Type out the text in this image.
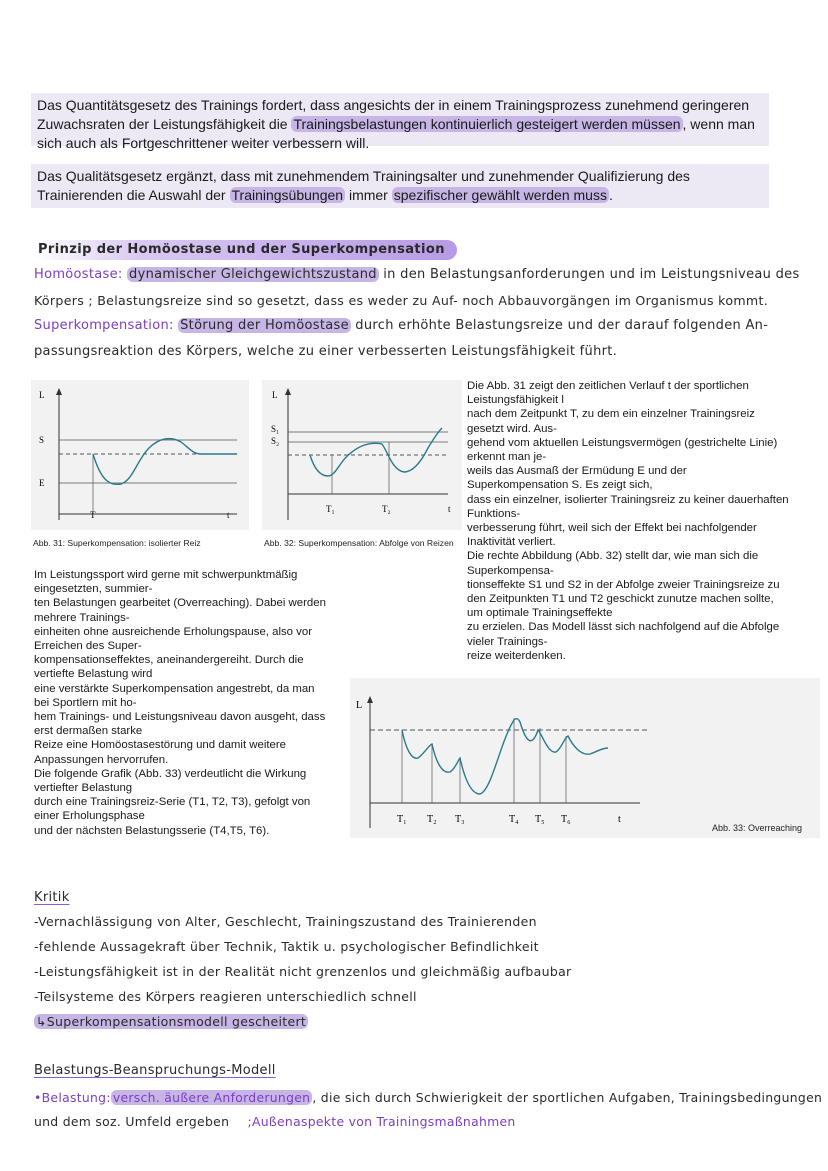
Das Quantitätsgesetz des Trainings fordert, dass angesichts der in einem Trainingsprozess zunehmend geringeren Zuwachsraten der Leistungsfähigkeit die Trainingsbelastungen kontinuierlich gesteigert werden müssen , wenn man sich auch als Fortgeschrittener weiter verbessern will.
Das Qualitätsgesetz ergänzt, dass mit zunehmendem Trainingsalter und zunehmender Qualifizierung des Trainierenden die Auswahl der Trainingsübungen immer spezifischer gewählt werden muss .
Prinzip der Homöostase und der Superkompensation
Homöostase: dynamischer Gleichgewichtszustand in den Belastungsanforderungen und im Leistungsniveau des
Körpers ; Belastungsreize sind so gesetzt, dass es weder zu Auf- noch Abbauvorgängen im Organismus kommt.
Superkompensation: Störung der Homöostase durch erhöhte Belastungsreize und der darauf folgenden An-
passungsreaktion des Körpers, welche zu einer verbesserten Leistungsfähigkeit führt.
L
S
E
T	t
Abb. 31: Superkompensation: isolierter Reiz
L
S₁
S₂
T₁	T₂	t
Abb. 32: Superkompensation: Abfolge von Reizen
Die Abb. 31 zeigt den zeitlichen Verlauf t der sportlichen
Leistungsfähigkeit l
nach dem Zeitpunkt T, zu dem ein einzelner Trainingsreiz
gesetzt wird. Aus-
gehend vom aktuellen Leistungsvermögen (gestrichelte Linie)
erkennt man je-
weils das Ausmaß der Ermüdung E und der
Superkompensation S. Es zeigt sich,
dass ein einzelner, isolierter Trainingsreiz zu keiner dauerhaften
Funktions-
verbesserung führt, weil sich der Effekt bei nachfolgender
Inaktivität verliert.
Die rechte Abbildung (Abb. 32) stellt dar, wie man sich die
Superkompensa-
tionseffekte S1 und S2 in der Abfolge zweier Trainingsreize zu
den Zeitpunkten T1 und T2 geschickt zunutze machen sollte,
um optimale Trainingseffekte
zu erzielen. Das Modell lässt sich nachfolgend auf die Abfolge
vieler Trainings-
reize weiterdenken.
Im Leistungssport wird gerne mit schwerpunktmäßig
eingesetzten, summier-
ten Belastungen gearbeitet (Overreaching). Dabei werden
mehrere Trainings-
einheiten ohne ausreichende Erholungspause, also vor
Erreichen des Super-
kompensationseffektes, aneinandergereiht. Durch die
vertiefte Belastung wird
eine verstärkte Superkompensation angestrebt, da man
bei Sportlern mit ho-
hem Trainings- und Leistungsniveau davon ausgeht, dass
erst dermaßen starke
Reize eine Homöostasestörung und damit weitere
Anpassungen hervorrufen.
Die folgende Grafik (Abb. 33) verdeutlicht die Wirkung
vertiefter Belastung
durch eine Trainingsreiz-Serie (T1, T2, T3), gefolgt von
einer Erholungsphase
und der nächsten Belastungsserie (T4,T5, T6).
L
T₁ T₂ T₃	T₄ T₅ T₆	t
Abb. 33: Overreaching
Kritik
-Vernachlässigung von Alter, Geschlecht, Trainingszustand des Trainierenden
-fehlende Aussagekraft über Technik, Taktik u. psychologischer Befindlichkeit
-Leistungsfähigkeit ist in der Realität nicht grenzenlos und gleichmäßig aufbaubar
-Teilsysteme des Körpers reagieren unterschiedlich schnell
↳Superkompensationsmodell gescheitert
Belastungs-Beanspruchungs-Modell
•Belastung: versch. äußere Anforderungen , die sich durch Schwierigkeit der sportlichen Aufgaben, Trainingsbedingungen
und dem soz. Umfeld ergeben ;Außenaspekte von Trainingsmaßnahmen
